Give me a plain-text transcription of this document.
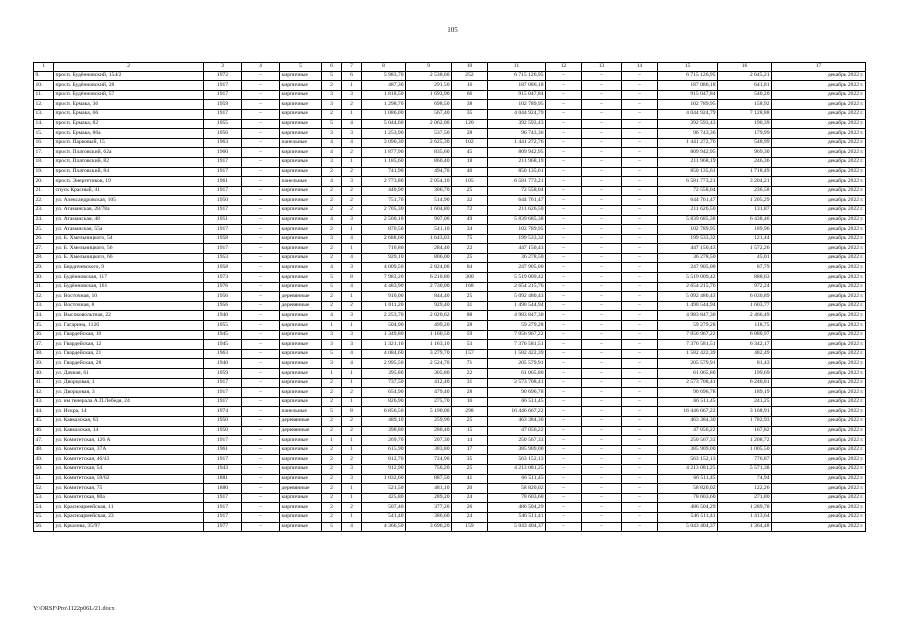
105
1	2	3	4	5	6	7	8	9	10	11	12	13	14	15	16	17
9.	просп. Будённовский, 154/2	1972	–	кирпичные	5	6	5 983,70	2 538,60	252	6 715 126,95	–	–	–	6 715 126,95	2 645,21	декабрь 2022 г.
10.	просп. Будённовский, 28	1917	–	кирпичные	2	1	487,30	291,50	16	187 086,18	–	–	–	187 086,18	641,81	декабрь 2022 г.
11.	просп. Будённовский, 57	1917	–	кирпичные	3	3	1 818,50	1 693,90	66	915 047,84	–	–	–	915 047,84	540,20	декабрь 2022 г.
12.	просп. Ермака, 36	1959	–	кирпичные	3	2	1 298,70	698,50	38	102 789,95	–	–	–	102 789,95	158,92	декабрь 2022 г.
13.	просп. Ермака, 66	1917	–	кирпичные	2	1	1 086,00	567,40	35	4 044 924,79	–	–	–	4 044 924,79	7 128,88	декабрь 2022 г.
14.	просп. Ермака, 82	1955	–	кирпичные	5	4	5 044,60	2 062,00	120	392 593,43	–	–	–	392 593,43	190,39	декабрь 2022 г.
15.	просп. Ермака, 86а	1956	–	кирпичные	3	3	1 253,90	537,50	28	96 743,36	–	–	–	96 743,36	179,99	декабрь 2022 г.
16.	просп. Парковый, 15	1963	–	панельные	4	4	3 090,30	2 625,30	102	1 441 272,76	–	–	–	1 441 272,76	548,99	декабрь 2022 г.
17.	просп. Платовский, 62а	1960	–	кирпичные	4	2	1 877,90	835,60	45	809 942,95	–	–	–	809 942,95	969,30	декабрь 2022 г.
18.	просп. Платовский, 82	1917	–	кирпичные	3	1	1 185,60	860,40	18	211 968,19	–	–	–	211 968,19	246,36	декабрь 2022 г.
19.	просп. Платовский, 84	1917	–	кирпичные	2	2	741,90	494,70	40	850 135,61	–	–	–	850 135,61	1 718,49	декабрь 2022 г.
20.	просп. Энергетиков, 19	1961	–	панельные	4	3	2 773,80	2 054,10	105	6 581 773,21	–	–	–	6 581 773,21	3 204,21	декабрь 2022 г.
21.	спуск Красный, 41	1917	–	кирпичные	2	2	440,90	306,70	25	72 558,04	–	–	–	72 558,04	236,58	декабрь 2022 г.
22.	ул. Александровская, 105	1950	–	кирпичные	2	2	751,70	514,90	32	644 761,47	–	–	–	644 761,47	1 205,29	декабрь 2022 г.
23.	ул. Атаманская, 28/78а	1917	–	кирпичные	2	2	2 705,30	1 604,80	72	211 626,50	–	–	–	211 626,50	131,87	декабрь 2022 г.
24.	ул. Атаманская, 48	1951	–	кирпичные	4	3	2 500,10	907,00	49	5 839 685,38	–	–	–	5 839 685,38	6 438,46	декабрь 2022 г.
25.	ул. Атаманская, 55а	1917	–	кирпичные	2	1	870,50	541,10	34	102 789,95	–	–	–	102 789,95	189,96	декабрь 2022 г.
26.	ул. Б. Хмельницкого, 54	1958	–	кирпичные	3	4	2 688,60	1 643,03	75	199 533,32	–	–	–	199 533,32	121,44	декабрь 2022 г.
27.	ул. Б. Хмельницкого, 56	1917	–	кирпичные	2	1	716,80	284,40	22	447 150,43	–	–	–	447 150,43	1 572,26	декабрь 2022 г.
28.	ул. Б. Хмельницкого, 66	1953	–	кирпичные	2	4	929,10	806,00	25	36 278,50	–	–	–	36 278,50	45,01	декабрь 2022 г.
29.	ул. Бердичевского, 9	1958	–	кирпичные	4	3	4 009,50	2 824,00	84	247 905,00	–	–	–	247 905,00	87,79	декабрь 2022 г.
30.	ул. Будённовская, 117	1973	–	кирпичные	5	8	7 983,20	6 210,80	300	5 519 009,42	–	–	–	5 519 009,42	888,63	декабрь 2022 г.
31.	ул. Будённовская, 161	1976	–	кирпичные	5	4	4 483,90	2 730,00	168	2 654 215,76	–	–	–	2 654 215,76	972,24	декабрь 2022 г.
32.	ул. Восточная, 10	1956	–	деревянные	2	1	910,00	844,40	25	5 092 480,43	–	–	–	5 092 480,43	6 030,89	декабрь 2022 г.
33.	ул. Восточная, 8	1956	–	деревянные	2	2	1 011,20	929,40	31	1 490 544,94	–	–	–	1 490 544,94	1 603,77	декабрь 2022 г.
34.	ул. Высоковольтная, 22	1940	–	кирпичные	4	3	2 253,70	2 020,62	88	4 983 847,30	–	–	–	4 983 847,30	2 466,49	декабрь 2022 г.
35.	ул. Гагарина, 112б	1955	–	кирпичные	1	1	504,90	499,20	28	59 279,28	–	–	–	59 279,28	118,75	декабрь 2022 г.
36.	ул. Гвардейская, 10	1945	–	кирпичные	3	3	1 349,80	1 160,50	59	7 056 967,22	–	–	–	7 056 967,22	6 080,97	декабрь 2022 г.
37.	ул. Гвардейская, 12	1945	–	кирпичные	3	3	1 321,10	1 163,10	53	7 376 581,51	–	–	–	7 376 581,51	6 342,17	декабрь 2022 г.
38.	ул. Гвардейская, 21	1963	–	кирпичные	5	4	4 084,60	3 279,70	157	1 582 422,39	–	–	–	1 582 422,39	482,49	декабрь 2022 г.
39.	ул. Гвардейская, 28	1940	–	кирпичные	3	4	2 995,50	2 524,70	71	205 579,91	–	–	–	205 579,91	81,43	декабрь 2022 г.
40.	ул. Дачная, 61	1959	–	кирпичные	1	1	395,80	305,80	22	61 065,80	–	–	–	61 065,80	199,69	декабрь 2022 г.
41.	ул. Дворцовая, 1	1917	–	кирпичные	2	1	737,50	412,40	31	2 573 708,41	–	–	–	2 573 708,41	6 240,81	декабрь 2022 г.
42.	ул. Дворцовая, 3	1917	–	кирпичные	2	2	654,90	479,40	28	90 696,78	–	–	–	90 696,78	189,19	декабрь 2022 г.
43.	ул. им генерала А.П.Лебедя, 24	1917	–	кирпичные	2	1	826,90	275,70	16	66 511,45	–	–	–	66 511,45	241,25	декабрь 2022 г.
44.	ул. Искра, 14	1974	–	панельные	5	8	6 856,50	5 190,00	298	16 446 667,22	–	–	–	16 446 667,22	3 168,91	декабрь 2022 г.
45.	ул. Кавказская, 63	1950	–	деревянные	2	2	489,10	259,90	25	463 384,30	–	–	–	463 384,30	1 782,93	декабрь 2022 г.
46.	ул. Кавказская, 14	1950	–	деревянные	2	2	398,80	280,40	15	47 056,22	–	–	–	47 056,22	167,82	декабрь 2022 г.
47.	ул. Комитетская, 126 А	1917	–	кирпичные	1	1	269,70	207,30	14	250 567,33	–	–	–	250 567,33	1 208,72	декабрь 2022 г.
48.	ул. Комитетская, 37А	1961	–	кирпичные	2	1	615,90	383,80	17	385 909,00	–	–	–	385 909,00	1 005,50	декабрь 2022 г.
49.	ул. Комитетская, 46/43	1917	–	кирпичные	2	2	812,70	724,90	35	563 152,13	–	–	–	563 152,13	776,87	декабрь 2022 г.
50.	ул. Комитетская, 54	1943	–	кирпичные	2	3	912,90	756,20	25	4 213 081,25	–	–	–	4 213 081,25	5 571,38	декабрь 2022 г.
51.	ул. Комитетская, 59/62	1881	–	кирпичные	2	3	1 032,60	887,50	41	66 511,45	–	–	–	66 511,45	74,94	декабрь 2022 г.
52.	ул. Комитетская, 75	1880	–	деревянные	2	1	521,50	481,10	20	58 820,02	–	–	–	58 820,02	122,26	декабрь 2022 г.
53.	ул. Комитетская, 80а	1917	–	кирпичные	2	1	425,80	289,20	24	78 603,60	–	–	–	78 603,60	271,80	декабрь 2022 г.
54.	ул. Красноармейская, 11	1917	–	кирпичные	2	2	507,40	377,20	26	486 504,29	–	–	–	486 504,29	1 289,78	декабрь 2022 г.
55.	ул. Красноармейская, 23	1917	–	кирпичные	2	1	541,40	386,60	24	546 511,41	–	–	–	546 511,41	1 413,64	декабрь 2022 г.
56.	ул. Крылова, 35/97	1977	–	кирпичные	5	4	4 366,50	3 696,20	159	5 043 404,37	–	–	–	5 043 404,37	1 364,48	декабрь 2022 г.
Y:\ORSF\Pro\1122p06L/21.docx
